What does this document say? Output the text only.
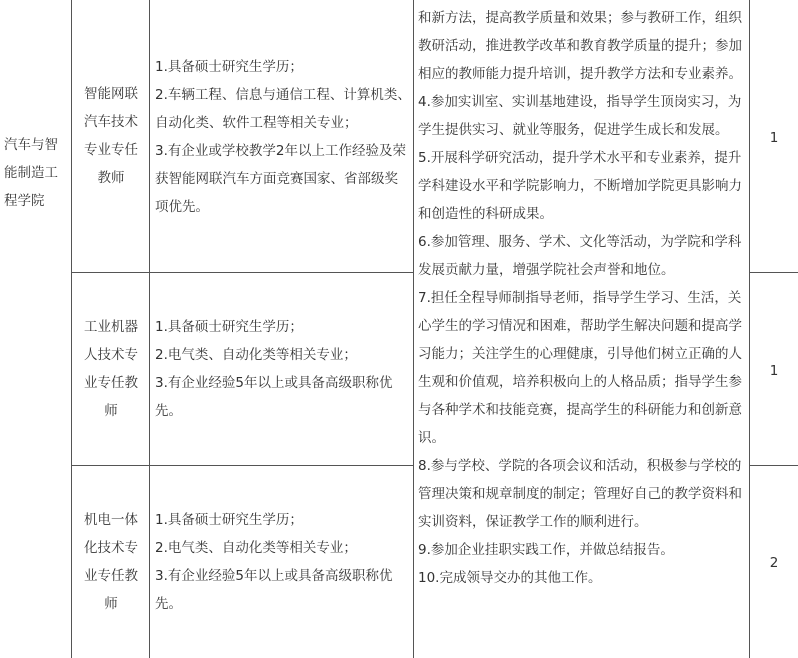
汽车与智能制造工程学院
智能网联汽车技术专业专任教师
1.具备硕士研究生学历；
2.车辆工程、信息与通信工程、计算机类、自动化类、软件工程等相关专业；
3.有企业或学校教学2年以上工作经验及荣获智能网联汽车方面竞赛国家、省部级奖项优先。
1
工业机器人技术专业专任教师
1.具备硕士研究生学历；
2.电气类、自动化类等相关专业；
3.有企业经验5年以上或具备高级职称优先。
1
机电一体化技术专业专任教师
1.具备硕士研究生学历；
2.电气类、自动化类等相关专业；
3.有企业经验5年以上或具备高级职称优先。
2
和新方法，提高教学质量和效果；参与教研工作，组织教研活动，推进教学改革和教育教学质量的提升；参加相应的教师能力提升培训，提升教学方法和专业素养。
4.参加实训室、实训基地建设，指导学生顶岗实习，为学生提供实习、就业等服务，促进学生成长和发展。
5.开展科学研究活动，提升学术水平和专业素养，提升学科建设水平和学院影响力，不断增加学院更具影响力和创造性的科研成果。
6.参加管理、服务、学术、文化等活动，为学院和学科发展贡献力量，增强学院社会声誉和地位。
7.担任全程导师制指导老师，指导学生学习、生活，关心学生的学习情况和困难，帮助学生解决问题和提高学习能力；关注学生的心理健康，引导他们树立正确的人生观和价值观，培养积极向上的人格品质；指导学生参与各种学术和技能竞赛，提高学生的科研能力和创新意识。
8.参与学校、学院的各项会议和活动，积极参与学校的管理决策和规章制度的制定；管理好自己的教学资料和实训资料，保证教学工作的顺利进行。
9.参加企业挂职实践工作，并做总结报告。
10.完成领导交办的其他工作。
